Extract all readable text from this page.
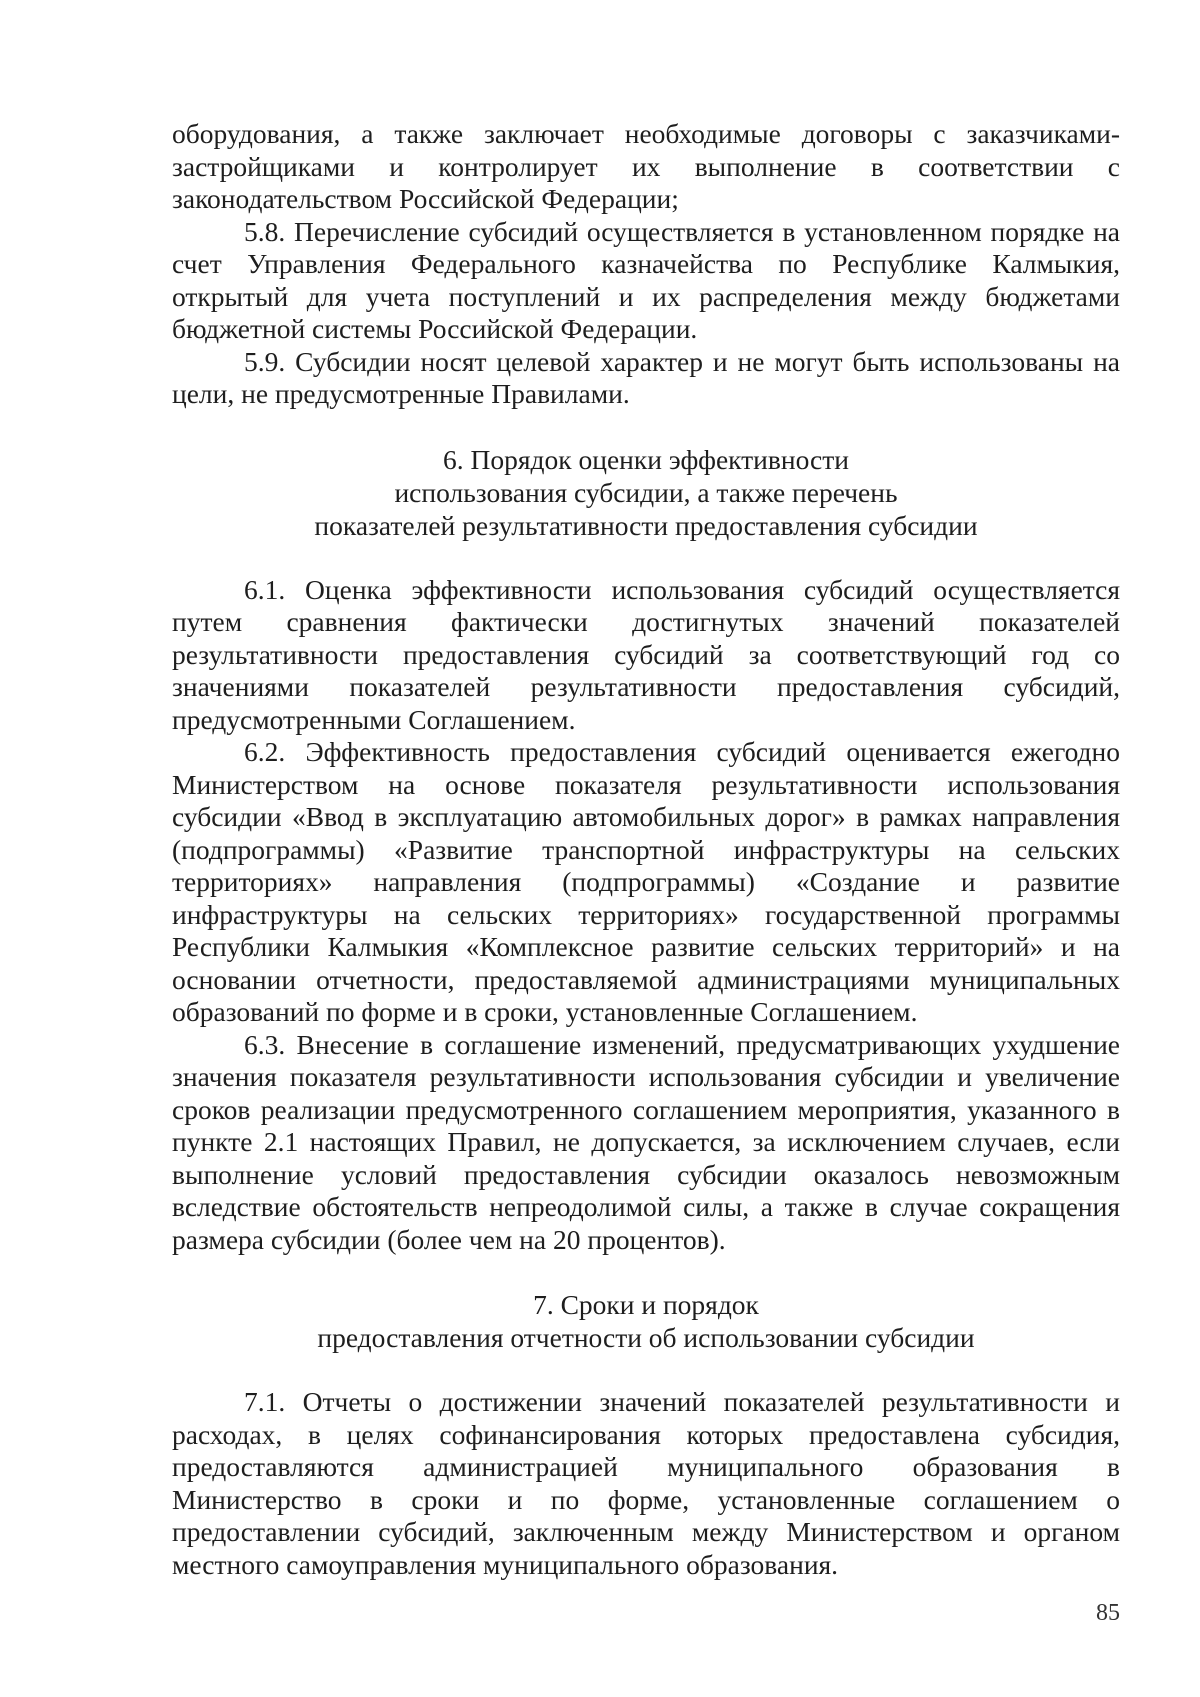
оборудования, а также заключает необходимые договоры с заказчиками-застройщиками и контролирует их выполнение в соответствии с законодательством Российской Федерации;

5.8. Перечисление субсидий осуществляется в установленном порядке на счет Управления Федерального казначейства по Республике Калмыкия, открытый для учета поступлений и их распределения между бюджетами бюджетной системы Российской Федерации.

5.9. Субсидии носят целевой характер и не могут быть использованы на цели, не предусмотренные Правилами.

6. Порядок оценки эффективности
использования субсидии, а также перечень
показателей результативности предоставления субсидии

6.1. Оценка эффективности использования субсидий осуществляется путем сравнения фактически достигнутых значений показателей результативности предоставления субсидий за соответствующий год со значениями показателей результативности предоставления субсидий, предусмотренными Соглашением.

6.2. Эффективность предоставления субсидий оценивается ежегодно Министерством на основе показателя результативности использования субсидии «Ввод в эксплуатацию автомобильных дорог» в рамках направления (подпрограммы) «Развитие транспортной инфраструктуры на сельских территориях» направления (подпрограммы) «Создание и развитие инфраструктуры на сельских территориях» государственной программы Республики Калмыкия «Комплексное развитие сельских территорий» и на основании отчетности, предоставляемой администрациями муниципальных образований по форме и в сроки, установленные Соглашением.

6.3. Внесение в соглашение изменений, предусматривающих ухудшение значения показателя результативности использования субсидии и увеличение сроков реализации предусмотренного соглашением мероприятия, указанного в пункте 2.1 настоящих Правил, не допускается, за исключением случаев, если выполнение условий предоставления субсидии оказалось невозможным вследствие обстоятельств непреодолимой силы, а также в случае сокращения размера субсидии (более чем на 20 процентов).

7. Сроки и порядок
предоставления отчетности об использовании субсидии

7.1. Отчеты о достижении значений показателей результативности и расходах, в целях софинансирования которых предоставлена субсидия, предоставляются администрацией муниципального образования в Министерство в сроки и по форме, установленные соглашением о предоставлении субсидий, заключенным между Министерством и органом местного самоуправления муниципального образования.

85
